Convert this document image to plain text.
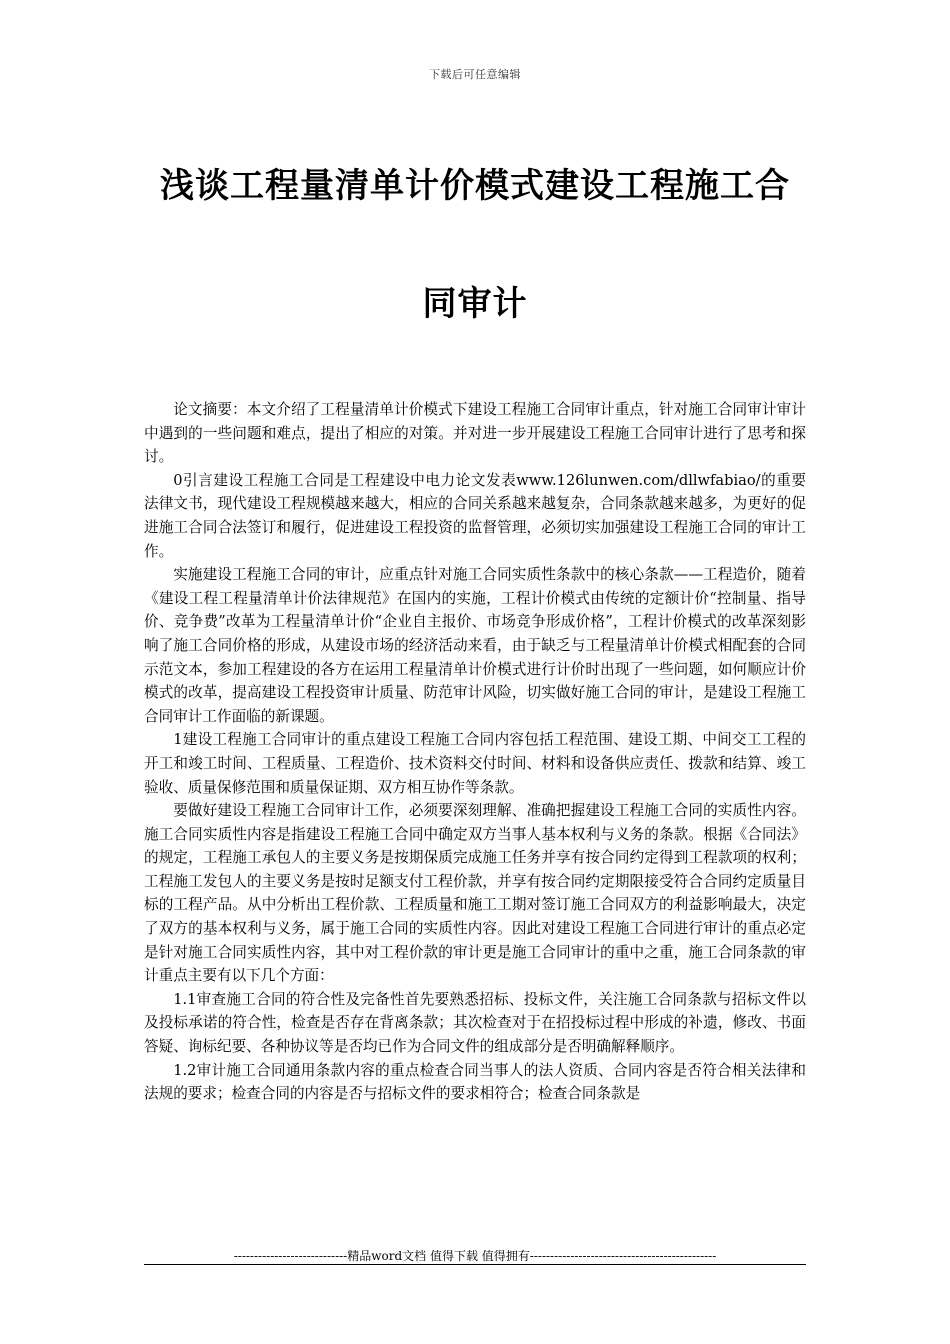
下载后可任意编辑
浅谈工程量清单计价模式建设工程施工合
同审计

论文摘要：本文介绍了工程量清单计价模式下建设工程施工合同审计重点，针对施工合同审计审计中遇到的一些问题和难点，提出了相应的对策。并对进一步开展建设工程施工合同审计进行了思考和探讨。

0引言建设工程施工合同是工程建设中电力论文发表www.126lunwen.com/dllwfabiao/的重要法律文书，现代建设工程规模越来越大，相应的合同关系越来越复杂，合同条款越来越多，为更好的促进施工合同合法签订和履行，促进建设工程投资的监督管理，必须切实加强建设工程施工合同的审计工作。

实施建设工程施工合同的审计，应重点针对施工合同实质性条款中的核心条款——工程造价，随着《建设工程工程量清单计价法律规范》在国内的实施，工程计价模式由传统的定额计价“控制量、指导价、竞争费”改革为工程量清单计价“企业自主报价、市场竞争形成价格”，工程计价模式的改革深刻影响了施工合同价格的形成，从建设市场的经济活动来看，由于缺乏与工程量清单计价模式相配套的合同示范文本，参加工程建设的各方在运用工程量清单计价模式进行计价时出现了一些问题，如何顺应计价模式的改革，提高建设工程投资审计质量、防范审计风险，切实做好施工合同的审计，是建设工程施工合同审计工作面临的新课题。

1建设工程施工合同审计的重点建设工程施工合同内容包括工程范围、建设工期、中间交工工程的开工和竣工时间、工程质量、工程造价、技术资料交付时间、材料和设备供应责任、拨款和结算、竣工验收、质量保修范围和质量保证期、双方相互协作等条款。

要做好建设工程施工合同审计工作，必须要深刻理解、准确把握建设工程施工合同的实质性内容。施工合同实质性内容是指建设工程施工合同中确定双方当事人基本权利与义务的条款。根据《合同法》的规定，工程施工承包人的主要义务是按期保质完成施工任务并享有按合同约定得到工程款项的权利；工程施工发包人的主要义务是按时足额支付工程价款，并享有按合同约定期限接受符合合同约定质量目标的工程产品。从中分析出工程价款、工程质量和施工工期对签订施工合同双方的利益影响最大，决定了双方的基本权利与义务，属于施工合同的实质性内容。因此对建设工程施工合同进行审计的重点必定是针对施工合同实质性内容，其中对工程价款的审计更是施工合同审计的重中之重，施工合同条款的审计重点主要有以下几个方面：

1.1审查施工合同的符合性及完备性首先要熟悉招标、投标文件，关注施工合同条款与招标文件以及投标承诺的符合性，检查是否存在背离条款；其次检查对于在招投标过程中形成的补遗，修改、书面答疑、询标纪要、各种协议等是否均已作为合同文件的组成部分是否明确解释顺序。

1.2审计施工合同通用条款内容的重点检查合同当事人的法人资质、合同内容是否符合相关法律和法规的要求；检查合同的内容是否与招标文件的要求相符合；检查合同条款是

----------------------------精品word文档 值得下载 值得拥有----------------------------------------------
